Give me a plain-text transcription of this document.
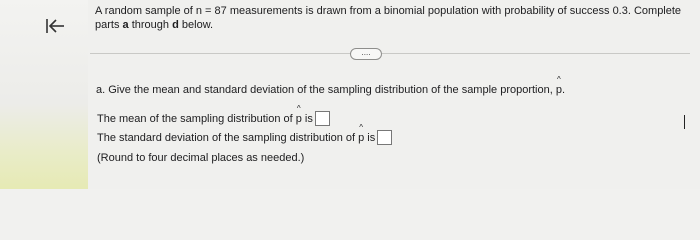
A random sample of n = 87 measurements is drawn from a binomial population with probability of success 0.3. Complete parts a through d below.
....
a. Give the mean and standard deviation of the sampling distribution of the sample proportion, ^ p.
The mean of the sampling distribution of
^ p
is
The standard deviation of the sampling distribution of
^ p
is
(Round to four decimal places as needed.)
